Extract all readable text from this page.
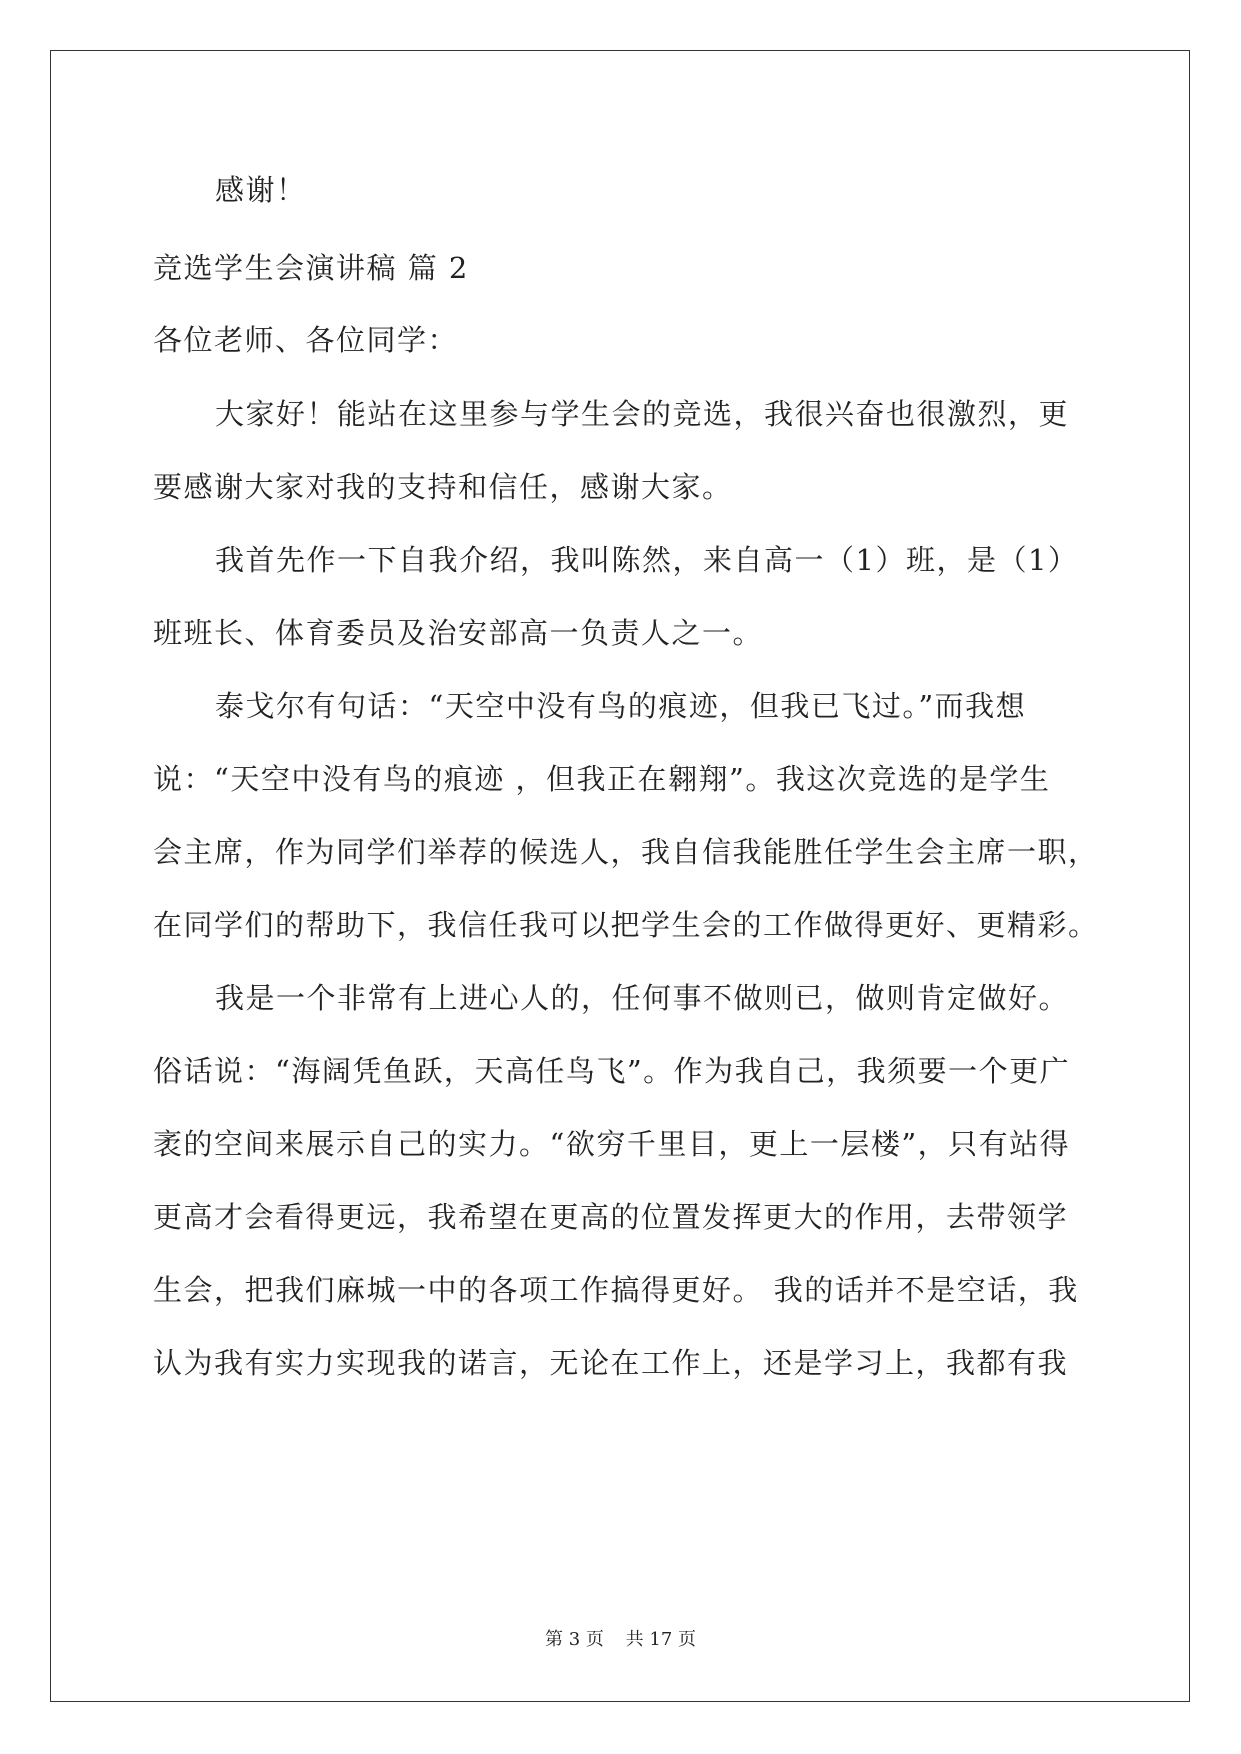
感谢！
竞选学生会演讲稿 篇 2
各位老师、各位同学：
大家好！能站在这里参与学生会的竞选，我很兴奋也很激烈，更
要感谢大家对我的支持和信任，感谢大家。
我首先作一下自我介绍，我叫陈然，来自高一（1）班，是（1）
班班长、体育委员及治安部高一负责人之一。
泰戈尔有句话：“天空中没有鸟的痕迹，但我已飞过。”而我想
说：“天空中没有鸟的痕迹 ，但我正在翱翔”。我这次竞选的是学生
会主席，作为同学们举荐的候选人，我自信我能胜任学生会主席一职，
在同学们的帮助下，我信任我可以把学生会的工作做得更好、更精彩。
我是一个非常有上进心人的，任何事不做则已，做则肯定做好。
俗话说：“海阔凭鱼跃，天高任鸟飞”。作为我自己，我须要一个更广
袤的空间来展示自己的实力。“欲穷千里目，更上一层楼”，只有站得
更高才会看得更远，我希望在更高的位置发挥更大的作用，去带领学
生会，把我们麻城一中的各项工作搞得更好。 我的话并不是空话，我
认为我有实力实现我的诺言，无论在工作上，还是学习上，我都有我
第 3 页 共 17 页
